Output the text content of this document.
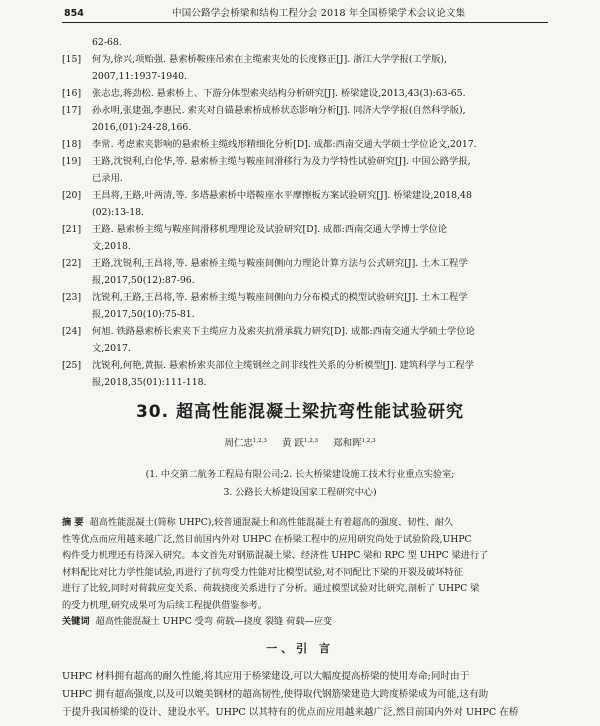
854	中国公路学会桥梁和结构工程分会 2018 年全国桥梁学术会议论文集
62-68.
[15]	何为,徐兴,项贻强. 悬索桥鞍座吊索在主缆索夹处的长度修正[J]. 浙江大学学报(工学版),
2007,11:1937-1940.
[16]	张志忠,蒋劲松. 悬索桥上、下游分体型索夹结构分析研究[J]. 桥梁建设,2013,43(3):63-65.
[17]	孙永明,张建强,李惠民. 索夹对自锚悬索桥成桥状态影响分析[J]. 同济大学学报(自然科学版),
2016,(01):24-28,166.
[18]	李常. 考虑索夹影响的悬索桥主缆线形精细化分析[D]. 成都:西南交通大学硕士学位论文,2017.
[19]	王路,沈锐利,白伦华,等. 悬索桥主缆与鞍座间滑移行为及力学特性试验研究[J]. 中国公路学报,
已录用.
[20]	王昌将,王路,叶两清,等. 多塔悬索桥中塔鞍座水平摩擦板方案试验研究[J]. 桥梁建设,2018,48
(02):13-18.
[21]	王路. 悬索桥主缆与鞍座间滑移机理理论及试验研究[D]. 成都:西南交通大学博士学位论
文,2018.
[22]	王路,沈锐利,王昌将,等. 悬索桥主缆与鞍座间侧向力理论计算方法与公式研究[J]. 土木工程学
报,2017,50(12):87-96.
[23]	沈锐利,王路,王昌将,等. 悬索桥主缆与鞍座间侧向力分布模式的模型试验研究[J]. 土木工程学
报,2017,50(10):75-81.
[24]	何旭. 铁路悬索桥长索夹下主缆应力及索夹抗滑承载力研究[D]. 成都:西南交通大学硕士学位论
文,2017.
[25]	沈锐利,何艳,黄振. 悬索桥索夹部位主缆钢丝之间非线性关系的分析模型[J]. 建筑科学与工程学
报,2018,35(01):111-118.
30. 超高性能混凝土梁抗弯性能试验研究
周仁忠$^{1,2,3}$ 黄 跃$^{1,2,3}$ 郑和晖$^{1,2,3}$
(1. 中交第二航务工程局有限公司;2. 长大桥梁建设施工技术行业重点实验室;
3. 公路长大桥建设国家工程研究中心)
摘 要 超高性能混凝土(简称 UHPC),较普通混凝土和高性能混凝土有着超高的强度、韧性、耐久
性等优点而应用越来越广泛,然目前国内外对 UHPC 在桥梁工程中的应用研究尚处于试验阶段,UHPC
构件受力机理还有待深入研究。本文首先对钢筋混凝土梁、经济性 UHPC 梁和 RPC 型 UHPC 梁进行了
材料配比对比力学性能试验,再进行了抗弯受力性能对比模型试验,对不同配比下梁的开裂及破坏特征
进行了比较,同时对荷载应变关系、荷载挠度关系进行了分析。通过模型试验对比研究,剖析了 UHPC 梁
的受力机理,研究成果可为后续工程提供借鉴参考。
关键词 超高性能混凝土 UHPC 受弯 荷载—挠度 裂缝 荷载—应变
一、引 言
UHPC 材料拥有超高的耐久性能,将其应用于桥梁建设,可以大幅度提高桥梁的使用寿命;同时由于
UHPC 拥有超高强度,以及可以媲美钢材的超高韧性,使得取代钢筋梁建造大跨度桥梁成为可能,这有助
于提升我国桥梁的设计、建设水平。UHPC 以其特有的优点而应用越来越广泛,然目前国内外对 UHPC 在桥
